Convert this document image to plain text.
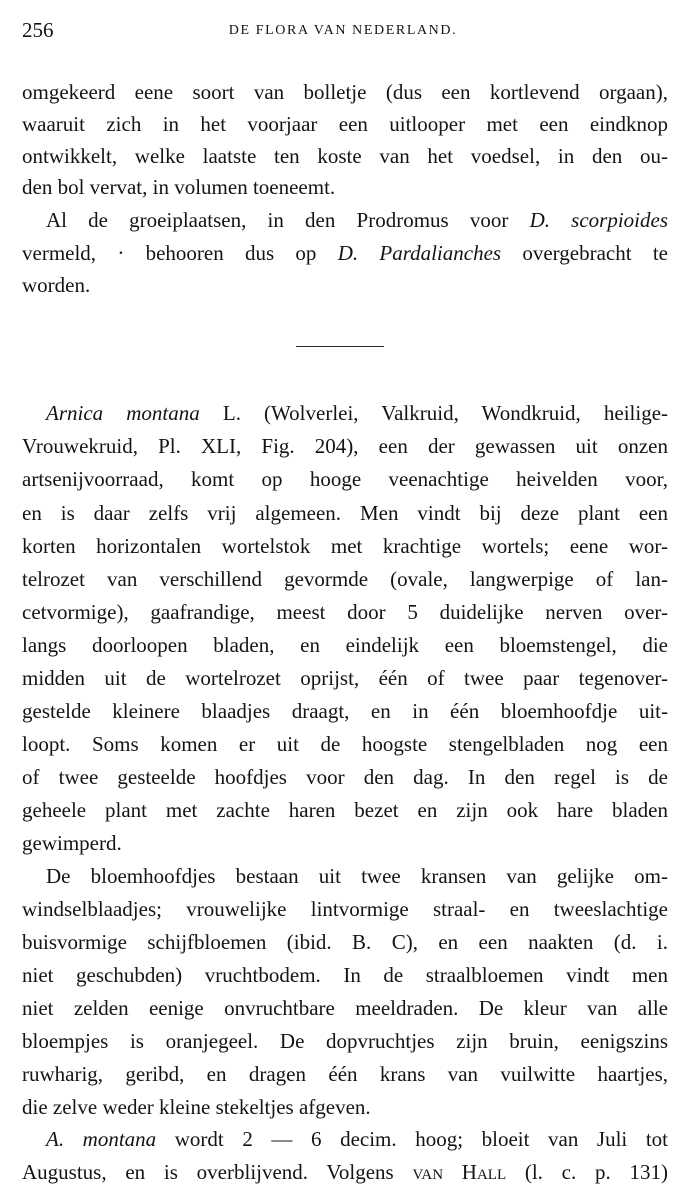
256	DE FLORA VAN NEDERLAND.
omgekeerd eene soort van bolletje (dus een kortlevend orgaan),
waaruit zich in het voorjaar een uitlooper met een eindknop
ontwikkelt, welke laatste ten koste van het voedsel, in den ou-
den bol vervat, in volumen toeneemt.
Al de groeiplaatsen, in den Prodromus voor D. scorpioides
vermeld, · behooren dus op D. Pardalianches overgebracht te
worden.
Arnica montana L. (Wolverlei, Valkruid, Wondkruid, heilige-
Vrouwekruid, Pl. XLI, Fig. 204), een der gewassen uit onzen
artsenijvoorraad, komt op hooge veenachtige heivelden voor,
en is daar zelfs vrij algemeen. Men vindt bij deze plant een
korten horizontalen wortelstok met krachtige wortels; eene wor-
telrozet van verschillend gevormde (ovale, langwerpige of lan-
cetvormige), gaafrandige, meest door 5 duidelijke nerven over-
langs doorloopen bladen, en eindelijk een bloemstengel, die
midden uit de wortelrozet oprijst, één of twee paar tegenover-
gestelde kleinere blaadjes draagt, en in één bloemhoofdje uit-
loopt. Soms komen er uit de hoogste stengelbladen nog een
of twee gesteelde hoofdjes voor den dag. In den regel is de
geheele plant met zachte haren bezet en zijn ook hare bladen
gewimperd.
De bloemhoofdjes bestaan uit twee kransen van gelijke om-
windselblaadjes; vrouwelijke lintvormige straal- en tweeslachtige
buisvormige schijfbloemen (ibid. B. C), en een naakten (d. i.
niet geschubden) vruchtbodem. In de straalbloemen vindt men
niet zelden eenige onvruchtbare meeldraden. De kleur van alle
bloempjes is oranjegeel. De dopvruchtjes zijn bruin, eenigszins
ruwharig, geribd, en dragen één krans van vuilwitte haartjes,
die zelve weder kleine stekeltjes afgeven.
A. montana wordt 2 — 6 decim. hoog; bloeit van Juli tot
Augustus, en is overblijvend. Volgens van Hall (l. c. p. 131)
